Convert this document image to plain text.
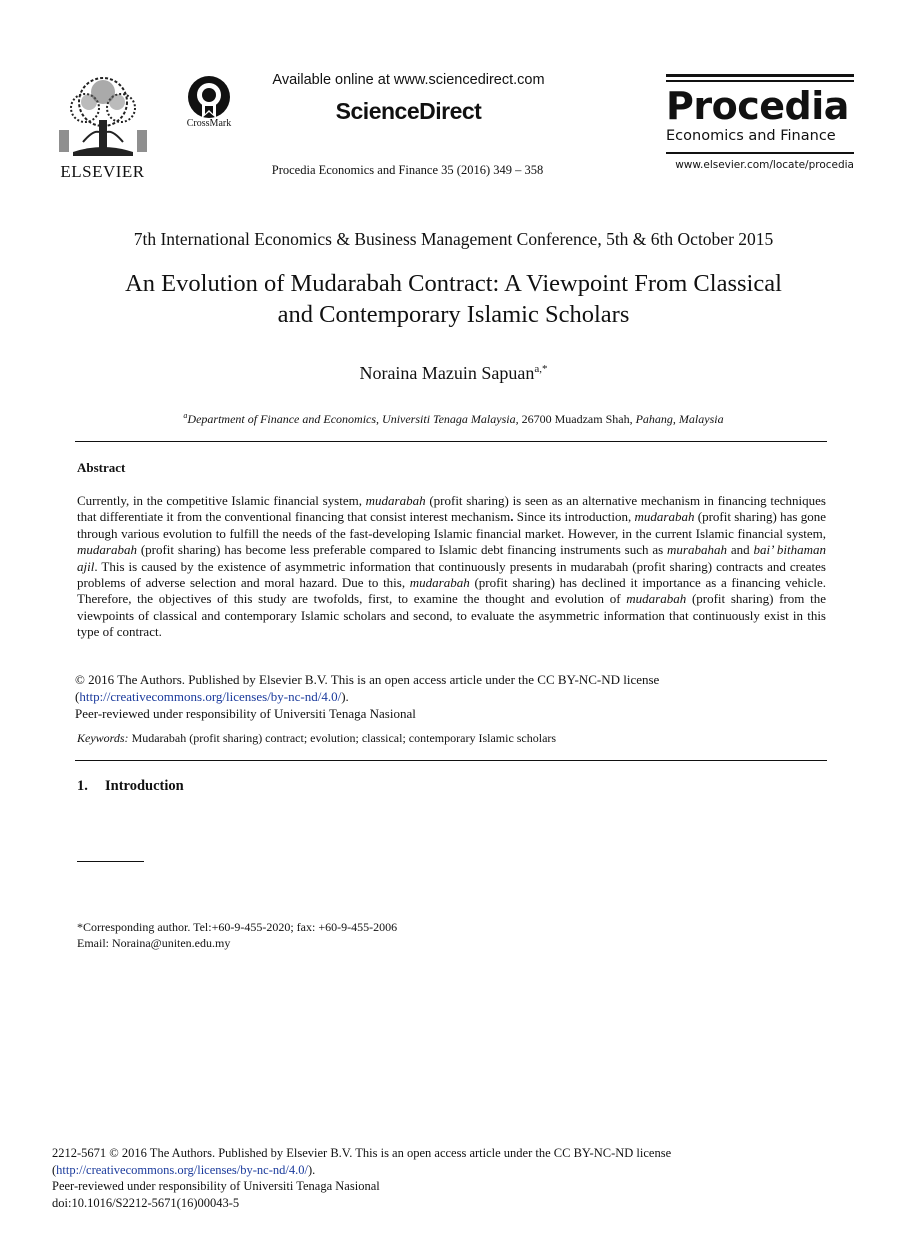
ELSEVIER
CrossMark
Available online at www.sciencedirect.com
ScienceDirect
Procedia Economics and Finance 35 (2016) 349 – 358
Procedia
Economics and Finance
www.elsevier.com/locate/procedia
7th International Economics & Business Management Conference, 5th & 6th October 2015
An Evolution of Mudarabah Contract: A Viewpoint From Classical
and Contemporary Islamic Scholars
Noraina Mazuin Sapuan$^{a,*}$
$^a$Department of Finance and Economics, Universiti Tenaga Malaysia, 26700 Muadzam Shah, Pahang, Malaysia
Abstract
Currently, in the competitive Islamic financial system, mudarabah (profit sharing) is seen as an alternative mechanism in financing techniques that differentiate it from the conventional financing that consist interest mechanism. Since its introduction, mudarabah (profit sharing) has gone through various evolution to fulfill the needs of the fast-developing Islamic financial market. However, in the current Islamic financial system, mudarabah (profit sharing) has become less preferable compared to Islamic debt financing instruments such as murabahah and bai’ bithaman ajil. This is caused by the existence of asymmetric information that continuously presents in mudarabah (profit sharing) contracts and creates problems of adverse selection and moral hazard. Due to this, mudarabah (profit sharing) has declined it importance as a financing vehicle. Therefore, the objectives of this study are twofolds, first, to examine the thought and evolution of mudarabah (profit sharing) from the viewpoints of classical and contemporary Islamic scholars and second, to evaluate the asymmetric information that continuously exist in this type of contract.
© 2016 The Authors. Published by Elsevier B.V. This is an open access article under the CC BY-NC-ND license
(http://creativecommons.org/licenses/by-nc-nd/4.0/).
Peer-reviewed under responsibility of Universiti Tenaga Nasional
Keywords: Mudarabah (profit sharing) contract; evolution; classical; contemporary Islamic scholars
1. Introduction
*Corresponding author. Tel:+60-9-455-2020; fax: +60-9-455-2006
Email: Noraina@uniten.edu.my
2212-5671 © 2016 The Authors. Published by Elsevier B.V. This is an open access article under the CC BY-NC-ND license
(http://creativecommons.org/licenses/by-nc-nd/4.0/).
Peer-reviewed under responsibility of Universiti Tenaga Nasional
doi:10.1016/S2212-5671(16)00043-5
